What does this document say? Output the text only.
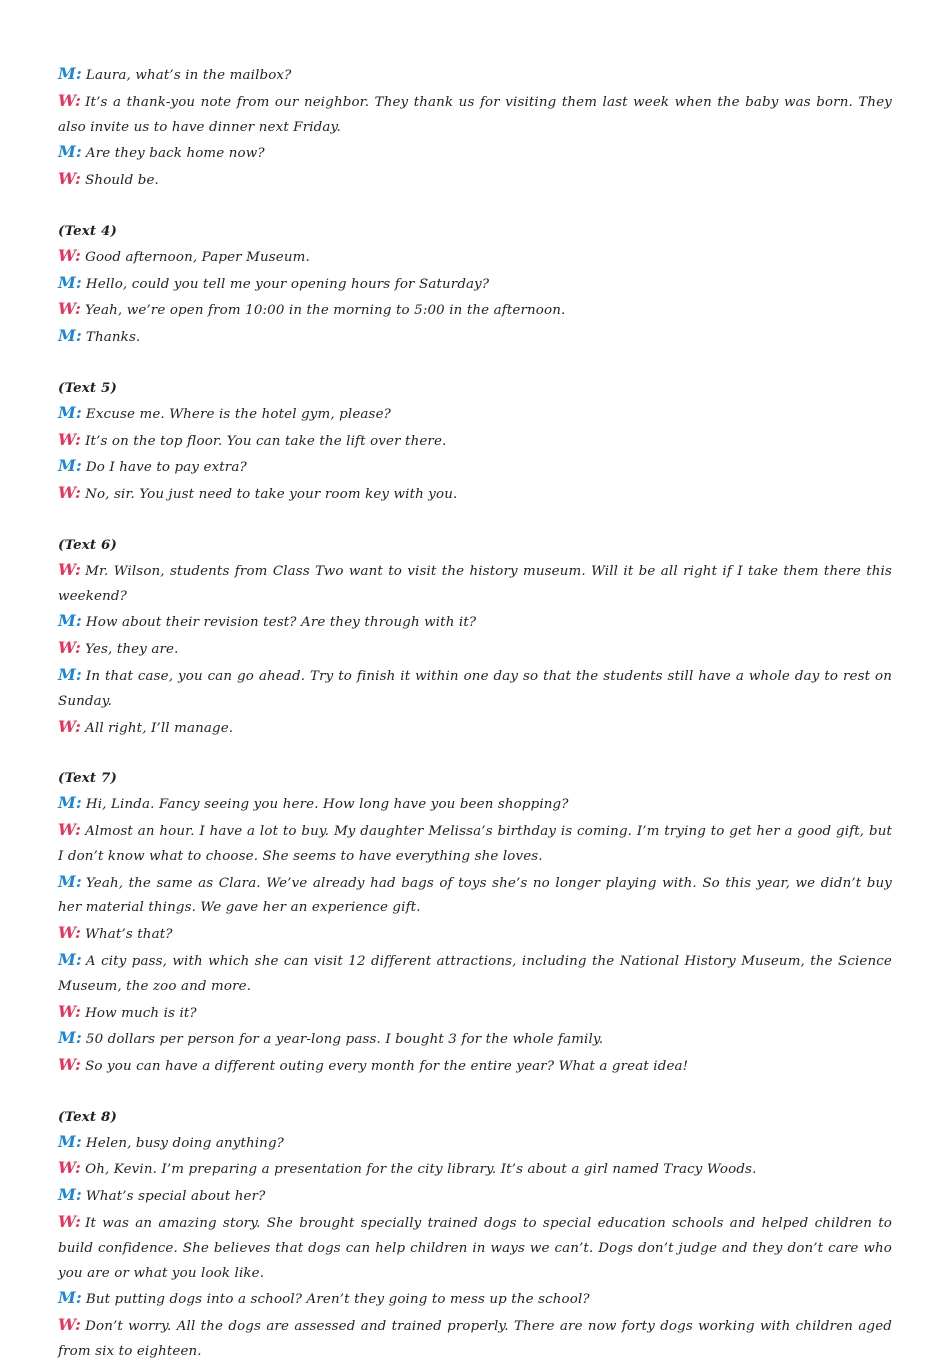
M: Laura, what’s in the mailbox?

W: It’s a thank-you note from our neighbor. They thank us for visiting them last week when the baby was born. They also invite us to have dinner next Friday.

M: Are they back home now?

W: Should be.

(Text 4)

W: Good afternoon, Paper Museum.

M: Hello, could you tell me your opening hours for Saturday?

W: Yeah, we’re open from 10:00 in the morning to 5:00 in the afternoon.

M: Thanks.

(Text 5)

M: Excuse me. Where is the hotel gym, please?

W: It’s on the top floor. You can take the lift over there.

M: Do I have to pay extra?

W: No, sir. You just need to take your room key with you.

(Text 6)

W: Mr. Wilson, students from Class Two want to visit the history museum. Will it be all right if I take them there this weekend?

M: How about their revision test? Are they through with it?

W: Yes, they are.

M: In that case, you can go ahead. Try to finish it within one day so that the students still have a whole day to rest on Sunday.

W: All right, I’ll manage.

(Text 7)

M: Hi, Linda. Fancy seeing you here. How long have you been shopping?

W: Almost an hour. I have a lot to buy. My daughter Melissa’s birthday is coming. I’m trying to get her a good gift, but I don’t know what to choose. She seems to have everything she loves.

M: Yeah, the same as Clara. We’ve already had bags of toys she’s no longer playing with. So this year, we didn’t buy her material things. We gave her an experience gift.

W: What’s that?

M: A city pass, with which she can visit 12 different attractions, including the National History Museum, the Science Museum, the zoo and more.

W: How much is it?

M: 50 dollars per person for a year-long pass. I bought 3 for the whole family.

W: So you can have a different outing every month for the entire year? What a great idea!

(Text 8)

M: Helen, busy doing anything?

W: Oh, Kevin. I’m preparing a presentation for the city library. It’s about a girl named Tracy Woods.

M: What’s special about her?

W: It was an amazing story. She brought specially trained dogs to special education schools and helped children to build confidence. She believes that dogs can help children in ways we can’t. Dogs don’t judge and they don’t care who you are or what you look like.

M: But putting dogs into a school? Aren’t they going to mess up the school?

W: Don’t worry. All the dogs are assessed and trained properly. There are now forty dogs working with children aged from six to eighteen.
